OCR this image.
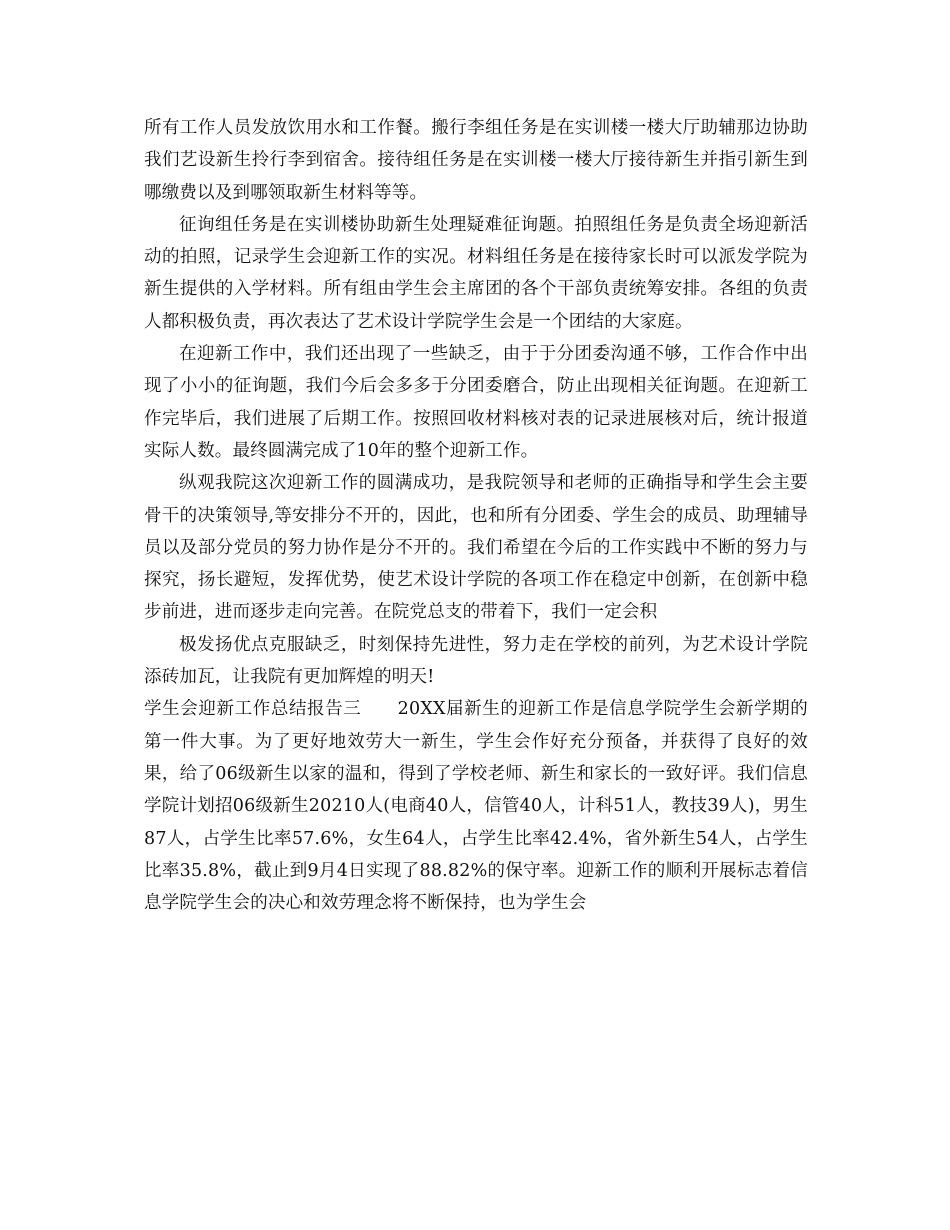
所有工作人员发放饮用水和工作餐。搬行李组任务是在实训楼一楼大厅助辅那边协助我们艺设新生拎行李到宿舍。接待组任务是在实训楼一楼大厅接待新生并指引新生到哪缴费以及到哪领取新生材料等等。

征询组任务是在实训楼协助新生处理疑难征询题。拍照组任务是负责全场迎新活动的拍照，记录学生会迎新工作的实况。材料组任务是在接待家长时可以派发学院为新生提供的入学材料。所有组由学生会主席团的各个干部负责统筹安排。各组的负责人都积极负责，再次表达了艺术设计学院学生会是一个团结的大家庭。

在迎新工作中，我们还出现了一些缺乏，由于于分团委沟通不够，工作合作中出现了小小的征询题，我们今后会多多于分团委磨合，防止出现相关征询题。在迎新工作完毕后，我们进展了后期工作。按照回收材料核对表的记录进展核对后，统计报道实际人数。最终圆满完成了10年的整个迎新工作。

纵观我院这次迎新工作的圆满成功，是我院领导和老师的正确指导和学生会主要骨干的决策领导,等安排分不开的，因此，也和所有分团委、学生会的成员、助理辅导员以及部分党员的努力协作是分不开的。我们希望在今后的工作实践中不断的努力与探究，扬长避短，发挥优势，使艺术设计学院的各项工作在稳定中创新，在创新中稳步前进，进而逐步走向完善。在院党总支的带着下，我们一定会积

极发扬优点克服缺乏，时刻保持先进性，努力走在学校的前列，为艺术设计学院添砖加瓦，让我院有更加辉煌的明天!

学生会迎新工作总结报告三　　20XX届新生的迎新工作是信息学院学生会新学期的第一件大事。为了更好地效劳大一新生，学生会作好充分预备，并获得了良好的效果，给了06级新生以家的温和，得到了学校老师、新生和家长的一致好评。我们信息学院计划招06级新生20210人(电商40人，信管40人，计科51人，教技39人)，男生87人，占学生比率57.6%，女生64人，占学生比率42.4%，省外新生54人，占学生比率35.8%，截止到9月4日实现了88.82%的保守率。迎新工作的顺利开展标志着信息学院学生会的决心和效劳理念将不断保持，也为学生会
